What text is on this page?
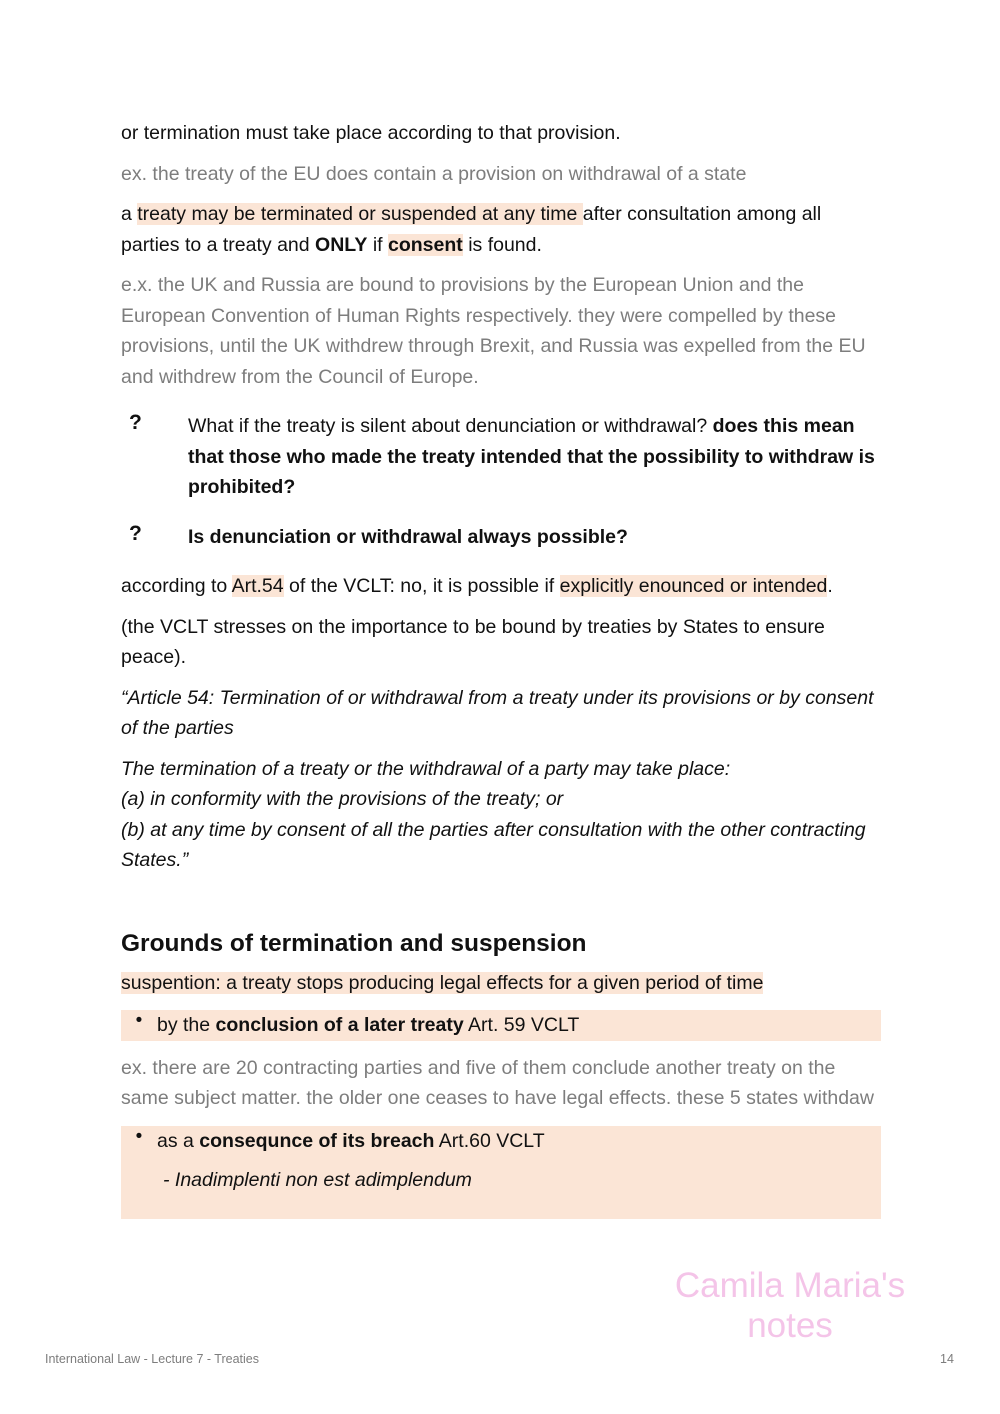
or termination must take place according to that provision.

ex. the treaty of the EU does contain a provision on withdrawal of a state

a treaty may be terminated or suspended at any time after consultation among all parties to a treaty and ONLY if consent is found.

e.x. the UK and Russia are bound to provisions by the European Union and the European Convention of Human Rights respectively. they were compelled by these provisions, until the UK withdrew through Brexit, and Russia was expelled from the EU and withdrew from the Council of Europe.

?	What if the treaty is silent about denunciation or withdrawal? does this mean that those who made the treaty intended that the possibility to withdraw is prohibited?

?	Is denunciation or withdrawal always possible?

according to Art.54 of the VCLT: no, it is possible if explicitly enounced or intended.

(the VCLT stresses on the importance to be bound by treaties by States to ensure peace).

“Article 54: Termination of or withdrawal from a treaty under its provisions or by consent of the parties

The termination of a treaty or the withdrawal of a party may take place:
(a) in conformity with the provisions of the treaty; or
(b) at any time by consent of all the parties after consultation with the other contracting States.”

Grounds of termination and suspension

suspention: a treaty stops producing legal effects for a given period of time

• by the conclusion of a later treaty Art. 59 VCLT

ex. there are 20 contracting parties and five of them conclude another treaty on the same subject matter. the older one ceases to have legal effects. these 5 states withdaw

• as a consequnce of its breach Art.60 VCLT

- Inadimplenti non est adimplendum

Camila Maria's
notes
International Law - Lecture 7 - Treaties	14
